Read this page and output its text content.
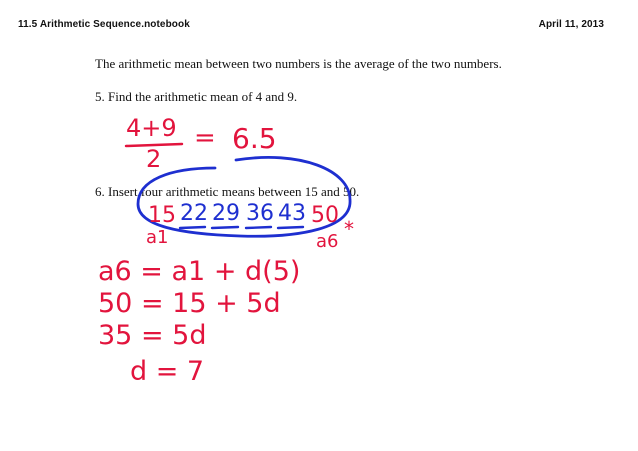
11.5 Arithmetic Sequence.notebook	April 11, 2013
The arithmetic mean between two numbers is the average of the two numbers.
5. Find the arithmetic mean of 4 and 9.
6. Insert four arithmetic means between 15 and 50.
4+9
2
= 6.5
15 22 29 36 43 50
a1	a6
*
a6 = a1 + d(5)
50 = 15 + 5d
35 = 5d
d = 7
